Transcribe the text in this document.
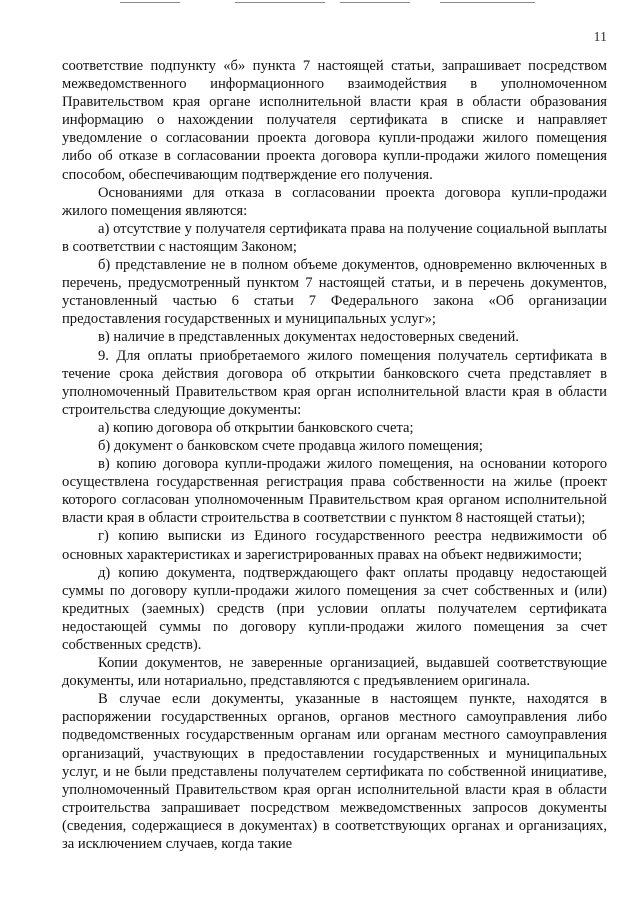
11

соответствие подпункту «б» пункта 7 настоящей статьи, запрашивает посредством межведомственного информационного взаимодействия в уполномоченном Правительством края органе исполнительной власти края в области образования информацию о нахождении получателя сертификата в списке и направляет уведомление о согласовании проекта договора купли-продажи жилого помещения либо об отказе в согласовании проекта договора купли-продажи жилого помещения способом, обеспечивающим подтверждение его получения.

Основаниями для отказа в согласовании проекта договора купли-продажи жилого помещения являются:

а) отсутствие у получателя сертификата права на получение социальной выплаты в соответствии с настоящим Законом;

б) представление не в полном объеме документов, одновременно включенных в перечень, предусмотренный пунктом 7 настоящей статьи, и в перечень документов, установленный частью 6 статьи 7 Федерального закона «Об организации предоставления государственных и муниципальных услуг»;

в) наличие в представленных документах недостоверных сведений.

9. Для оплаты приобретаемого жилого помещения получатель сертификата в течение срока действия договора об открытии банковского счета представляет в уполномоченный Правительством края орган исполнительной власти края в области строительства следующие документы:

а) копию договора об открытии банковского счета;

б) документ о банковском счете продавца жилого помещения;

в) копию договора купли-продажи жилого помещения, на основании которого осуществлена государственная регистрация права собственности на жилье (проект которого согласован уполномоченным Правительством края органом исполнительной власти края в области строительства в соответствии с пунктом 8 настоящей статьи);

г) копию выписки из Единого государственного реестра недвижимости об основных характеристиках и зарегистрированных правах на объект недвижимости;

д) копию документа, подтверждающего факт оплаты продавцу недостающей суммы по договору купли-продажи жилого помещения за счет собственных и (или) кредитных (заемных) средств (при условии оплаты получателем сертификата недостающей суммы по договору купли-продажи жилого помещения за счет собственных средств).

Копии документов, не заверенные организацией, выдавшей соответствующие документы, или нотариально, представляются с предъявлением оригинала.

В случае если документы, указанные в настоящем пункте, находятся в распоряжении государственных органов, органов местного самоуправления либо подведомственных государственным органам или органам местного самоуправления организаций, участвующих в предоставлении государственных и муниципальных услуг, и не были представлены получателем сертификата по собственной инициативе, уполномоченный Правительством края орган исполнительной власти края в области строительства запрашивает посредством межведомственных запросов документы (сведения, содержащиеся в документах) в соответствующих органах и организациях, за исключением случаев, когда такие
